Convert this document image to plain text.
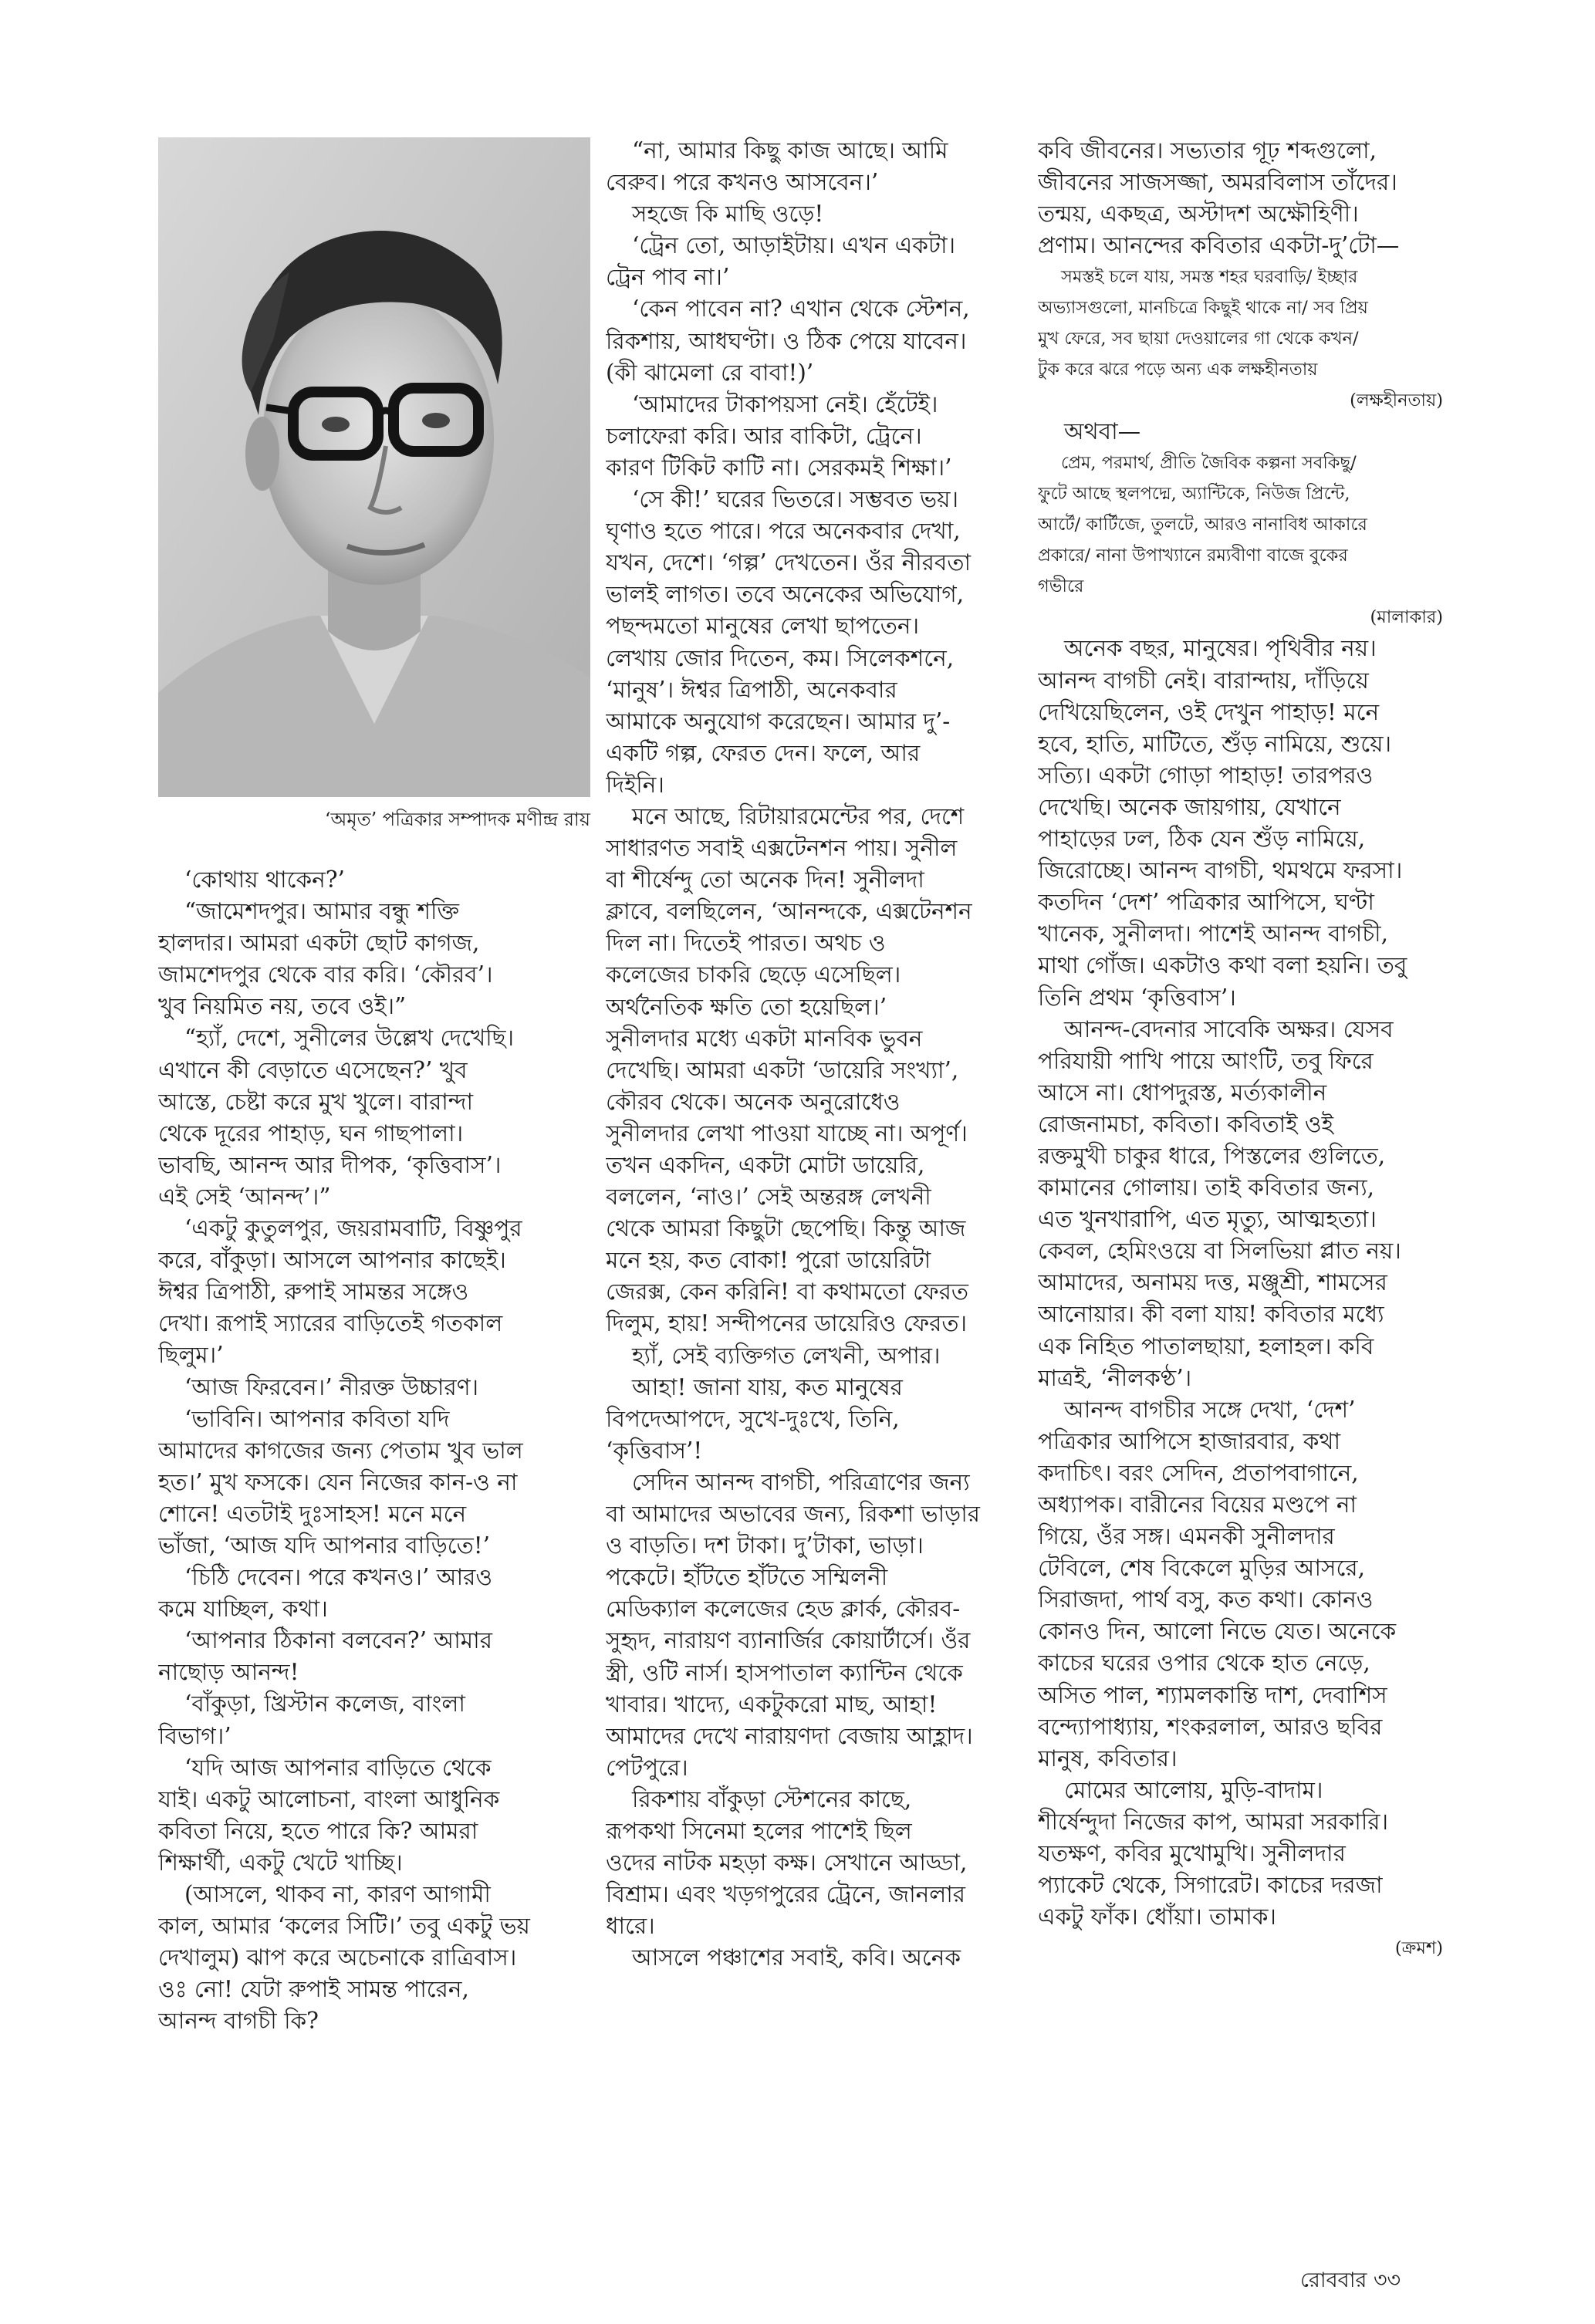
‘অমৃত’ পত্রিকার সম্পাদক মণীন্দ্র রায়

‘কোথায় থাকেন?’

“জামেশদপুর। আমার বন্ধু শক্তি

হালদার। আমরা একটা ছোট কাগজ,

জামশেদপুর থেকে বার করি। ‘কৌরব’।

খুব নিয়মিত নয়, তবে ওই।”

“হ্যাঁ, দেশে, সুনীলের উল্লেখ দেখেছি।

এখানে কী বেড়াতে এসেছেন?’ খুব

আস্তে, চেষ্টা করে মুখ খুলে। বারান্দা

থেকে দূরের পাহাড়, ঘন গাছপালা।

ভাবছি, আনন্দ আর দীপক, ‘কৃত্তিবাস’।

এই সেই ‘আনন্দ’।”

‘একটু কুতুলপুর, জয়রামবাটি, বিষ্ণুপুর

করে, বাঁকুড়া। আসলে আপনার কাছেই।

ঈশ্বর ত্রিপাঠী, রুপাই সামন্তর সঙ্গেও

দেখা। রূপাই স্যারের বাড়িতেই গতকাল

ছিলুম।’

‘আজ ফিরবেন।’ নীরক্ত উচ্চারণ।

‘ভাবিনি। আপনার কবিতা যদি

আমাদের কাগজের জন্য পেতাম খুব ভাল

হত।’ মুখ ফসকে। যেন নিজের কান-ও না

শোনে! এতটাই দুঃসাহস! মনে মনে

ভাঁজা, ‘আজ যদি আপনার বাড়িতে!’

‘চিঠি দেবেন। পরে কখনও।’ আরও

কমে যাচ্ছিল, কথা।

‘আপনার ঠিকানা বলবেন?’ আমার

নাছোড় আনন্দ!

‘বাঁকুড়া, খ্রিস্টান কলেজ, বাংলা

বিভাগ।’

‘যদি আজ আপনার বাড়িতে থেকে

যাই। একটু আলোচনা, বাংলা আধুনিক

কবিতা নিয়ে, হতে পারে কি? আমরা

শিক্ষার্থী, একটু খেটে খাচ্ছি।

(আসলে, থাকব না, কারণ আগামী

কাল, আমার ‘কলের সিটি।’ তবু একটু ভয়

দেখালুম) ঝাপ করে অচেনাকে রাত্রিবাস।

ওঃ নো! যেটা রুপাই সামন্ত পারেন,

আনন্দ বাগচী কি?

“না, আমার কিছু কাজ আছে। আমি

বেরুব। পরে কখনও আসবেন।’

সহজে কি মাছি ওড়ে!

‘ট্রেন তো, আড়াইটায়। এখন একটা।

ট্রেন পাব না।’

‘কেন পাবেন না? এখান থেকে স্টেশন,

রিকশায়, আধঘণ্টা। ও ঠিক পেয়ে যাবেন।

(কী ঝামেলা রে বাবা!)’

‘আমাদের টাকাপয়সা নেই। হেঁটেই।

চলাফেরা করি। আর বাকিটা, ট্রেনে।

কারণ টিকিট কাটি না। সেরকমই শিক্ষা।’

‘সে কী!’ ঘরের ভিতরে। সম্ভবত ভয়।

ঘৃণাও হতে পারে। পরে অনেকবার দেখা,

যখন, দেশে। ‘গল্প’ দেখতেন। ওঁর নীরবতা

ভালই লাগত। তবে অনেকের অভিযোগ,

পছন্দমতো মানুষের লেখা ছাপতেন।

লেখায় জোর দিতেন, কম। সিলেকশনে,

‘মানুষ’। ঈশ্বর ত্রিপাঠী, অনেকবার

আমাকে অনুযোগ করেছেন। আমার দু’-

একটি গল্প, ফেরত দেন। ফলে, আর

দিইনি।

মনে আছে, রিটায়ারমেন্টের পর, দেশে

সাধারণত সবাই এক্সটেনশন পায়। সুনীল

বা শীর্ষেন্দু তো অনেক দিন! সুনীলদা

ক্লাবে, বলছিলেন, ‘আনন্দকে, এক্সটেনশন

দিল না। দিতেই পারত। অথচ ও

কলেজের চাকরি ছেড়ে এসেছিল।

অর্থনৈতিক ক্ষতি তো হয়েছিল।’

সুনীলদার মধ্যে একটা মানবিক ভুবন

দেখেছি। আমরা একটা ‘ডায়েরি সংখ্যা’,

কৌরব থেকে। অনেক অনুরোধেও

সুনীলদার লেখা পাওয়া যাচ্ছে না। অপূর্ণ।

তখন একদিন, একটা মোটা ডায়েরি,

বললেন, ‘নাও।’ সেই অন্তরঙ্গ লেখনী

থেকে আমরা কিছুটা ছেপেছি। কিন্তু আজ

মনে হয়, কত বোকা! পুরো ডায়েরিটা

জেরক্স, কেন করিনি! বা কথামতো ফেরত

দিলুম, হায়! সন্দীপনের ডায়েরিও ফেরত।

হ্যাঁ, সেই ব্যক্তিগত লেখনী, অপার।

আহা! জানা যায়, কত মানুষের

বিপদেআপদে, সুখে-দুঃখে, তিনি,

‘কৃত্তিবাস’!

সেদিন আনন্দ বাগচী, পরিত্রাণের জন্য

বা আমাদের অভাবের জন্য, রিকশা ভাড়ার

ও বাড়তি। দশ টাকা। দু’টাকা, ভাড়া।

পকেটে। হাঁটতে হাঁটতে সম্মিলনী

মেডিক্যাল কলেজের হেড ক্লার্ক, কৌরব-

সুহৃদ, নারায়ণ ব্যানার্জির কোয়ার্টার্সে। ওঁর

স্ত্রী, ওটি নার্স। হাসপাতাল ক্যান্টিন থেকে

খাবার। খাদ্যে, একটুকরো মাছ, আহা!

আমাদের দেখে নারায়ণদা বেজায় আহ্লাদ।

পেটপুরে।

রিকশায় বাঁকুড়া স্টেশনের কাছে,

রূপকথা সিনেমা হলের পাশেই ছিল

ওদের নাটক মহড়া কক্ষ। সেখানে আড্ডা,

বিশ্রাম। এবং খড়গপুরের ট্রেনে, জানলার

ধারে।

আসলে পঞ্চাশের সবাই, কবি। অনেক

কবি জীবনের। সভ্যতার গূঢ় শব্দগুলো,

জীবনের সাজসজ্জা, অমরবিলাস তাঁদের।

তন্ময়, একছত্র, অস্টাদশ অক্ষৌহিণী।

প্রণাম। আনন্দের কবিতার একটা-দু’টো—

সমস্তই চলে যায়, সমস্ত শহর ঘরবাড়ি/ ইচ্ছার

অভ্যাসগুলো, মানচিত্রে কিছুই থাকে না/ সব প্রিয়

মুখ ফেরে, সব ছায়া দেওয়ালের গা থেকে কখন/

টুক করে ঝরে পড়ে অন্য এক লক্ষহীনতায়

(লক্ষহীনতায়)

অথবা—

প্রেম, পরমার্থ, প্রীতি জৈবিক কল্পনা সবকিছু/

ফুটে আছে স্থলপদ্মে, অ্যান্টিকে, নিউজ প্রিন্টে,

আর্টে/ কার্টিজে, তুলটে, আরও নানাবিধ আকারে

প্রকারে/ নানা উপাখ্যানে রম্যবীণা বাজে বুকের

গভীরে

(মালাকার)

অনেক বছর, মানুষের। পৃথিবীর নয়।

আনন্দ বাগচী নেই। বারান্দায়, দাঁড়িয়ে

দেখিয়েছিলেন, ওই দেখুন পাহাড়! মনে

হবে, হাতি, মাটিতে, শুঁড় নামিয়ে, শুয়ে।

সত্যি। একটা গোড়া পাহাড়! তারপরও

দেখেছি। অনেক জায়গায়, যেখানে

পাহাড়ের ঢল, ঠিক যেন শুঁড় নামিয়ে,

জিরোচ্ছে। আনন্দ বাগচী, থমথমে ফরসা।

কতদিন ‘দেশ’ পত্রিকার আপিসে, ঘণ্টা

খানেক, সুনীলদা। পাশেই আনন্দ বাগচী,

মাথা গোঁজ। একটাও কথা বলা হয়নি। তবু

তিনি প্রথম ‘কৃত্তিবাস’।

আনন্দ-বেদনার সাবেকি অক্ষর। যেসব

পরিযায়ী পাখি পায়ে আংটি, তবু ফিরে

আসে না। ধোপদুরস্ত, মর্ত্যকালীন

রোজনামচা, কবিতা। কবিতাই ওই

রক্তমুখী চাকুর ধারে, পিস্তলের গুলিতে,

কামানের গোলায়। তাই কবিতার জন্য,

এত খুনখারাপি, এত মৃত্যু, আত্মহত্যা।

কেবল, হেমিংওয়ে বা সিলভিয়া প্লাত নয়।

আমাদের, অনাময় দত্ত, মঞ্জুশ্রী, শামসের

আনোয়ার। কী বলা যায়! কবিতার মধ্যে

এক নিহিত পাতালছায়া, হলাহল। কবি

মাত্রই, ‘নীলকণ্ঠ’।

আনন্দ বাগচীর সঙ্গে দেখা, ‘দেশ’

পত্রিকার আপিসে হাজারবার, কথা

কদাচিৎ। বরং সেদিন, প্রতাপবাগানে,

অধ্যাপক। বারীনের বিয়ের মণ্ডপে না

গিয়ে, ওঁর সঙ্গ। এমনকী সুনীলদার

টেবিলে, শেষ বিকেলে মুড়ির আসরে,

সিরাজদা, পার্থ বসু, কত কথা। কোনও

কোনও দিন, আলো নিভে যেত। অনেকে

কাচের ঘরের ওপার থেকে হাত নেড়ে,

অসিত পাল, শ্যামলকান্তি দাশ, দেবাশিস

বন্দ্যোপাধ্যায়, শংকরলাল, আরও ছবির

মানুষ, কবিতার।

মোমের আলোয়, মুড়ি-বাদাম।

শীর্ষেন্দুদা নিজের কাপ, আমরা সরকারি।

যতক্ষণ, কবির মুখোমুখি। সুনীলদার

প্যাকেট থেকে, সিগারেট। কাচের দরজা

একটু ফাঁক। ধোঁয়া। তামাক।

(ক্রমশ)

রোববার ৩৩
